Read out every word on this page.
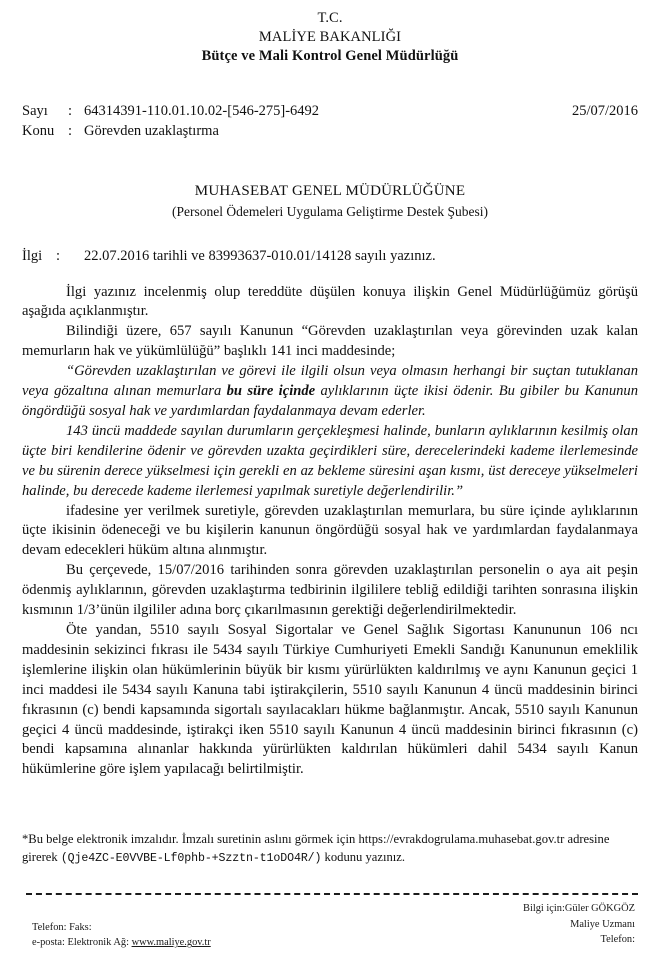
T.C.
MALİYE BAKANLIĞI
Bütçe ve Mali Kontrol Genel Müdürlüğü
Sayı	: 64314391-110.01.10.02-[546-275]-6492
Konu : Görevden uzaklaştırma
25/07/2016
MUHASEBAT GENEL MÜDÜRLÜĞÜNE
(Personel Ödemeleri Uygulama Geliştirme Destek Şubesi)
İlgi :	22.07.2016 tarihli ve 83993637-010.01/14128 sayılı yazınız.

İlgi yazınız incelenmiş olup tereddüte düşülen konuya ilişkin Genel Müdürlüğümüz görüşü aşağıda açıklanmıştır.

Bilindiği üzere, 657 sayılı Kanunun “Görevden uzaklaştırılan veya görevinden uzak kalan memurların hak ve yükümlülüğü” başlıklı 141 inci maddesinde;

“Görevden uzaklaştırılan ve görevi ile ilgili olsun veya olmasın herhangi bir suçtan tutuklanan veya gözaltına alınan memurlara bu süre içinde aylıklarının üçte ikisi ödenir. Bu gibiler bu Kanunun öngördüğü sosyal hak ve yardımlardan faydalanmaya devam ederler.

143 üncü maddede sayılan durumların gerçekleşmesi halinde, bunların aylıklarının kesilmiş olan üçte biri kendilerine ödenir ve görevden uzakta geçirdikleri süre, derecelerindeki kademe ilerlemesinde ve bu sürenin derece yükselmesi için gerekli en az bekleme süresini aşan kısmı, üst dereceye yükselmeleri halinde, bu derecede kademe ilerlemesi yapılmak suretiyle değerlendirilir.”

ifadesine yer verilmek suretiyle, görevden uzaklaştırılan memurlara, bu süre içinde aylıklarının üçte ikisinin ödeneceği ve bu kişilerin kanunun öngördüğü sosyal hak ve yardımlardan faydalanmaya devam edecekleri hüküm altına alınmıştır.

Bu çerçevede, 15/07/2016 tarihinden sonra görevden uzaklaştırılan personelin o aya ait peşin ödenmiş aylıklarının, görevden uzaklaştırma tedbirinin ilgililere tebliğ edildiği tarihten sonrasına ilişkin kısmının 1/3’ünün ilgililer adına borç çıkarılmasının gerektiği değerlendirilmektedir.

Öte yandan, 5510 sayılı Sosyal Sigortalar ve Genel Sağlık Sigortası Kanununun 106 ncı maddesinin sekizinci fıkrası ile 5434 sayılı Türkiye Cumhuriyeti Emekli Sandığı Kanununun emeklilik işlemlerine ilişkin olan hükümlerinin büyük bir kısmı yürürlükten kaldırılmış ve aynı Kanunun geçici 1 inci maddesi ile 5434 sayılı Kanuna tabi iştirakçilerin, 5510 sayılı Kanunun 4 üncü maddesinin birinci fıkrasının (c) bendi kapsamında sigortalı sayılacakları hükme bağlanmıştır. Ancak, 5510 sayılı Kanunun geçici 4 üncü maddesinde, iştirakçi iken 5510 sayılı Kanunun 4 üncü maddesinin birinci fıkrasının (c) bendi kapsamına alınanlar hakkında yürürlükten kaldırılan hükümleri dahil 5434 sayılı Kanun hükümlerine göre işlem yapılacağı belirtilmiştir.

*Bu belge elektronik imzalıdır. İmzalı suretinin aslını görmek için https://evrakdogrulama.muhasebat.gov.tr adresine girerek (Qje4ZC-E0VVBE-Lf0phb-+Szztn-t1oDO4R/) kodunu yazınız.
Telefon: Faks:
e-posta: Elektronik Ağ: www.maliye.gov.tr
Bilgi için:Güler GÖKGÖZ
Maliye Uzmanı
Telefon:
